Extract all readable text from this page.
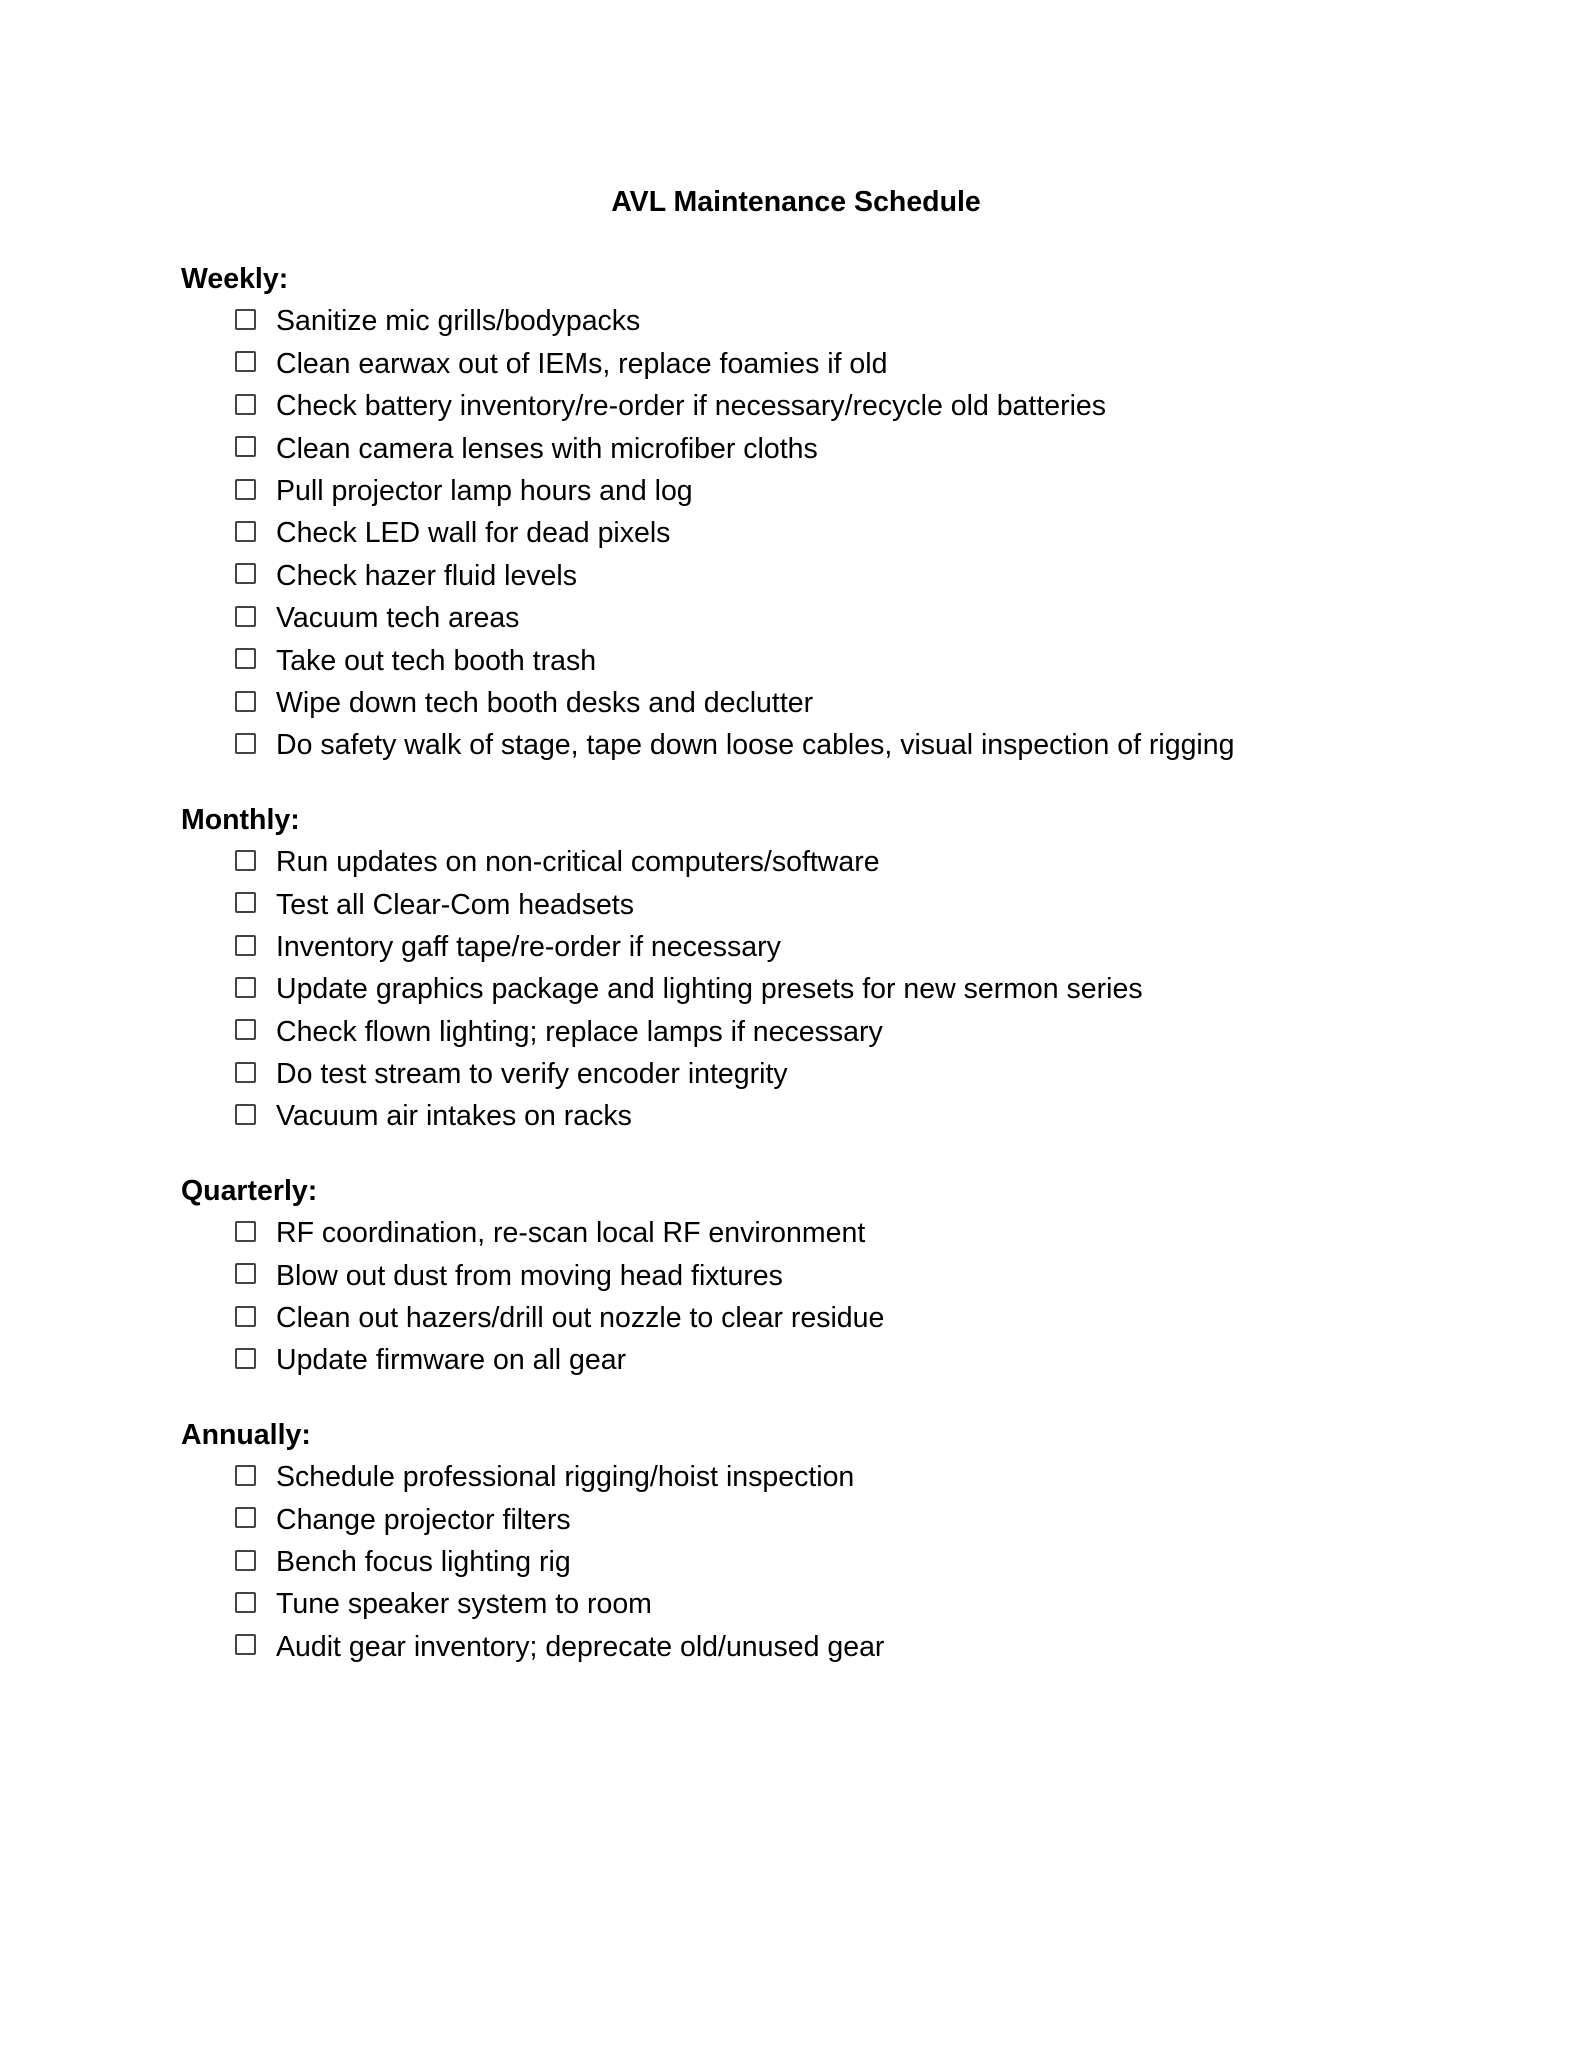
AVL Maintenance Schedule
Weekly:
Sanitize mic grills/bodypacks
Clean earwax out of IEMs, replace foamies if old
Check battery inventory/re-order if necessary/recycle old batteries
Clean camera lenses with microfiber cloths
Pull projector lamp hours and log
Check LED wall for dead pixels
Check hazer fluid levels
Vacuum tech areas
Take out tech booth trash
Wipe down tech booth desks and declutter
Do safety walk of stage, tape down loose cables, visual inspection of rigging
Monthly:
Run updates on non-critical computers/software
Test all Clear-Com headsets
Inventory gaff tape/re-order if necessary
Update graphics package and lighting presets for new sermon series
Check flown lighting; replace lamps if necessary
Do test stream to verify encoder integrity
Vacuum air intakes on racks
Quarterly:
RF coordination, re-scan local RF environment
Blow out dust from moving head fixtures
Clean out hazers/drill out nozzle to clear residue
Update firmware on all gear
Annually:
Schedule professional rigging/hoist inspection
Change projector filters
Bench focus lighting rig
Tune speaker system to room
Audit gear inventory; deprecate old/unused gear
